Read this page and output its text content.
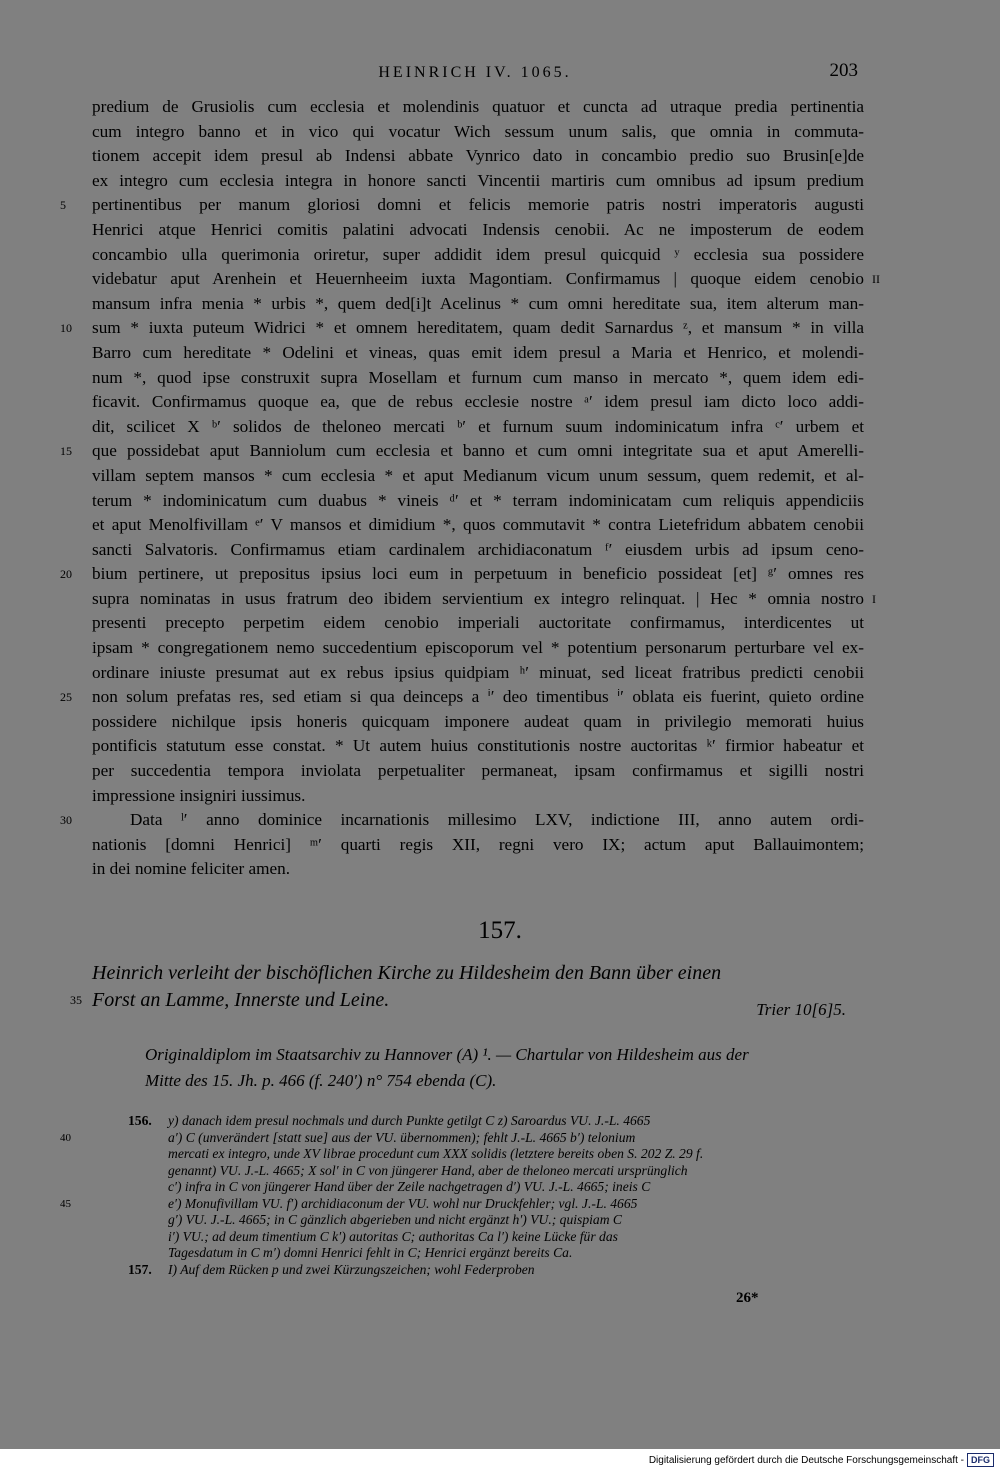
HEINRICH IV. 1065.	203
predium de Grusiolis cum ecclesia et molendinis quatuor et cuncta ad utraque predia pertinentia
cum integro banno et in vico qui vocatur Wich sessum unum salis, que omnia in commuta-
tionem accepit idem presul ab Indensi abbate Vynrico dato in concambio predio suo Brusin[e]de
ex integro cum ecclesia integra in honore sancti Vincentii martiris cum omnibus ad ipsum predium
5	pertinentibus per manum gloriosi domni et felicis memorie patris nostri imperatoris augusti
Henrici atque Henrici comitis palatini advocati Indensis cenobii. Ac ne imposterum de eodem
concambio ulla querimonia oriretur, super addidit idem presul quicquid ʸ ecclesia sua possidere
videbatur aput Arenhein et Heuernheeim iuxta Magontiam. Confirmamus | quoque eidem cenobio II
mansum infra menia * urbis *, quem ded[i]t Acelinus * cum omni hereditate sua, item alterum man-
10	sum * iuxta puteum Widrici * et omnem hereditatem, quam dedit Sarnardus ᶻ, et mansum * in villa
Barro cum hereditate * Odelini et vineas, quas emit idem presul a Maria et Henrico, et molendi-
num *, quod ipse construxit supra Mosellam et furnum cum manso in mercato *, quem idem edi-
ficavit. Confirmamus quoque ea, que de rebus ecclesie nostre ᵃ′ idem presul iam dicto loco addi-
dit, scilicet X ᵇ′ solidos de theloneo mercati ᵇ′ et furnum suum indominicatum infra ᶜ′ urbem et
15	que possidebat aput Banniolum cum ecclesia et banno et cum omni integritate sua et aput Amerelli-
villam septem mansos * cum ecclesia * et aput Medianum vicum unum sessum, quem redemit, et al-
terum * indominicatum cum duabus * vineis ᵈ′ et * terram indominicatam cum reliquis appendiciis
et aput Menolfivillam ᵉ′ V mansos et dimidium *, quos commutavit * contra Lietefridum abbatem cenobii
sancti Salvatoris. Confirmamus etiam cardinalem archidiaconatum ᶠ′ eiusdem urbis ad ipsum ceno-
20	bium pertinere, ut prepositus ipsius loci eum in perpetuum in beneficio possideat [et] ᵍ′ omnes res
supra nominatas in usus fratrum deo ibidem servientium ex integro relinquat. | Hec * omnia nostro I
presenti precepto perpetim eidem cenobio imperiali auctoritate confirmamus, interdicentes ut
ipsam * congregationem nemo succedentium episcoporum vel * potentium personarum perturbare vel ex-
ordinare iniuste presumat aut ex rebus ipsius quidpiam ʰ′ minuat, sed liceat fratribus predicti cenobii
25	non solum prefatas res, sed etiam si qua deinceps a ⁱ′ deo timentibus ⁱ′ oblata eis fuerint, quieto ordine
possidere nichilque ipsis honeris quicquam imponere audeat quam in privilegio memorati huius
pontificis statutum esse constat. * Ut autem huius constitutionis nostre auctoritas ᵏ′ firmior habeatur et
per succedentia tempora inviolata perpetualiter permaneat, ipsam confirmamus et sigilli nostri
impressione insigniri iussimus.
30	Data ˡ′ anno dominice incarnationis millesimo LXV, indictione III, anno autem ordi-
nationis [domni Henrici] ᵐ′ quarti regis XII, regni vero IX; actum aput Ballauimontem;
in dei nomine feliciter amen.
157.
Heinrich verleiht der bischöflichen Kirche zu Hildesheim den Bann über einen
35 Forst an Lamme, Innerste und Leine.	Trier 10[6]5.
Originaldiplom im Staatsarchiv zu Hannover (A) ¹. — Chartular von Hildesheim aus der
Mitte des 15. Jh. p. 466 (f. 240′) n° 754 ebenda (C).
156. y) danach idem presul nochmals und durch Punkte getilgt C z) Saroardus VU. J.-L. 4665
40	a′) C (unverändert [statt sue] aus der VU. übernommen); fehlt J.-L. 4665 b′) telonium
mercati ex integro, unde XV librae procedunt cum XXX solidis (letztere bereits oben S. 202 Z. 29 f.
genannt) VU. J.-L. 4665; X sol′ in C von jüngerer Hand, aber de theloneo mercati ursprünglich
c′) infra in C von jüngerer Hand über der Zeile nachgetragen d′) VU. J.-L. 4665; ineis C
45	e′) Monufivillam VU. f′) archidiaconum der VU. wohl nur Druckfehler; vgl. J.-L. 4665
g′) VU. J.-L. 4665; in C gänzlich abgerieben und nicht ergänzt h′) VU.; quispiam C
i′) VU.; ad deum timentium C k′) autoritas C; authoritas Ca l′) keine Lücke für das
Tagesdatum in C m′) domni Henrici fehlt in C; Henrici ergänzt bereits Ca.
157. I) Auf dem Rücken p und zwei Kürzungszeichen; wohl Federproben
26*
Digitalisierung gefördert durch die Deutsche Forschungsgemeinschaft - DFG
